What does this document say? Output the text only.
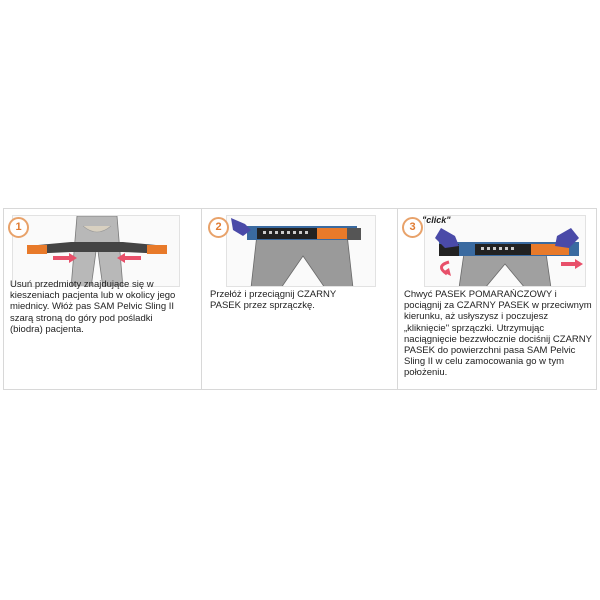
1
Usuń przedmioty znajdujące się w kieszeniach pacjenta lub w okolicy jego miednicy. Włóż pas SAM Pelvic Sling II szarą stroną do góry pod pośladki (biodra) pacjenta.
2
Przełóż i przeciągnij CZARNY PASEK przez sprzączkę.
3
"click"
Chwyć PASEK POMARAŃCZOWY i pociągnij za CZARNY PASEK w przeciwnym kierunku, aż usłyszysz i poczujesz „kliknięcie" sprzączki. Utrzymując naciągnięcie bezzwłocznie dociśnij CZARNY PASEK do powierzchni pasa SAM Pelvic Sling II w celu zamocowania go w tym położeniu.
